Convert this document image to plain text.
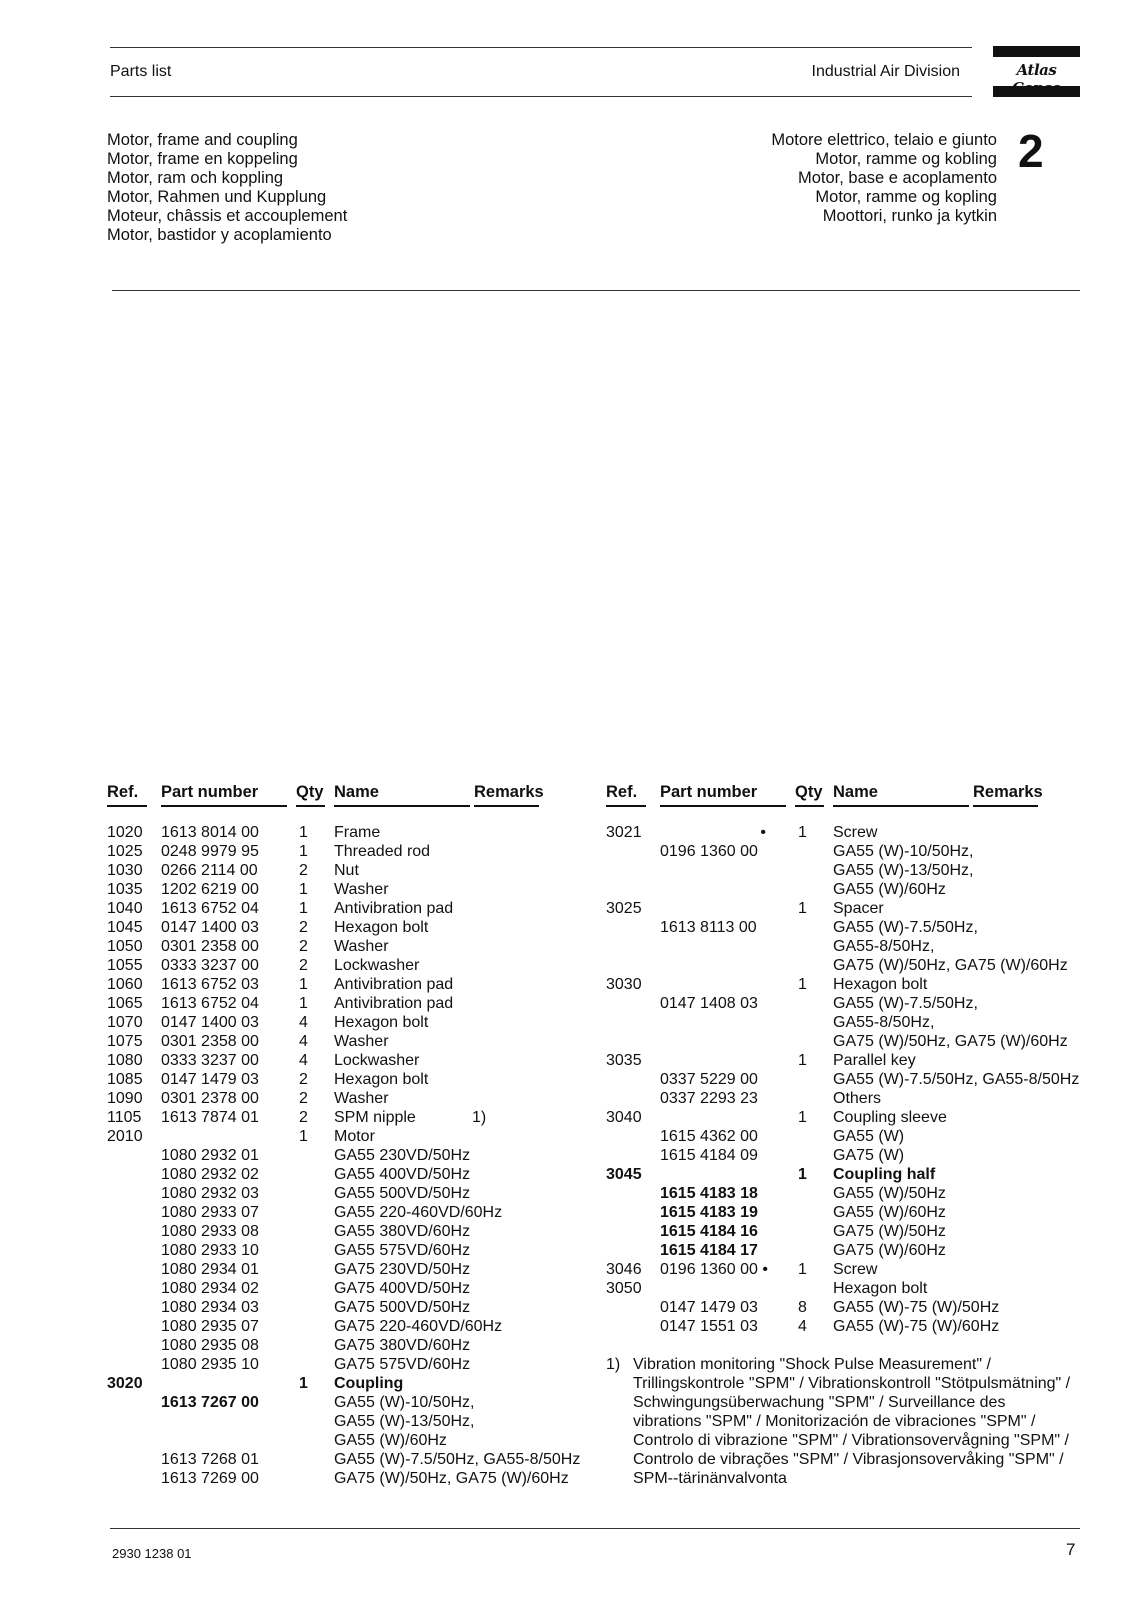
Parts list	Industrial Air Division	Atlas
Motor, frame and coupling
Motor, frame en koppeling
Motor, ram och koppling
Motor, Rahmen und Kupplung
Moteur, châssis et accouplement
Motor, bastidor y acoplamiento
Motore elettrico, telaio e giunto
Motor, ramme og kobling
Motor, base e acoplamento
Motor, ramme og kopling
Moottori, runko ja kytkin
2
Ref. Part number Qty Name	Remarks
1020 1613 8014 00	1 Frame
1025 0248 9979 95	1 Threaded rod
1030 0266 2114 00	2 Nut
1035 1202 6219 00	1 Washer
1040 1613 6752 04	1 Antivibration pad
1045 0147 1400 03	2 Hexagon bolt
1050 0301 2358 00	2 Washer
1055 0333 3237 00	2 Lockwasher
1060 1613 6752 03	1 Antivibration pad
1065 1613 6752 04	1 Antivibration pad
1070 0147 1400 03	4 Hexagon bolt
1075 0301 2358 00	4 Washer
1080 0333 3237 00	4 Lockwasher
1085 0147 1479 03	2 Hexagon bolt
1090 0301 2378 00	2 Washer
1105 1613 7874 01	2 SPM nipple	1)
2010	1 Motor
1080 2932 01	GA55 230VD/50Hz
1080 2932 02	GA55 400VD/50Hz
1080 2932 03	GA55 500VD/50Hz
1080 2933 07	GA55 220-460VD/60Hz
1080 2933 08	GA55 380VD/60Hz
1080 2933 10	GA55 575VD/60Hz
1080 2934 01	GA75 230VD/50Hz
1080 2934 02	GA75 400VD/50Hz
1080 2934 03	GA75 500VD/50Hz
1080 2935 07	GA75 220-460VD/60Hz
1080 2935 08	GA75 380VD/60Hz
1080 2935 10	GA75 575VD/60Hz
3020	1 Coupling
1613 7267 00	GA55 (W)-10/50Hz,
GA55 (W)-13/50Hz,
GA55 (W)/60Hz
1613 7268 01	GA55 (W)-7.5/50Hz, GA55-8/50Hz
1613 7269 00	GA75 (W)/50Hz, GA75 (W)/60Hz
Ref. Part number Qty Name	Remarks
3021	• 1 Screw
0196 1360 00	GA55 (W)-10/50Hz,
GA55 (W)-13/50Hz,
GA55 (W)/60Hz
3025	1 Spacer
1613 8113 00	GA55 (W)-7.5/50Hz,
GA55-8/50Hz,
GA75 (W)/50Hz, GA75 (W)/60Hz
3030	1 Hexagon bolt
0147 1408 03	GA55 (W)-7.5/50Hz,
GA55-8/50Hz,
GA75 (W)/50Hz, GA75 (W)/60Hz
3035	1 Parallel key
0337 5229 00	GA55 (W)-7.5/50Hz, GA55-8/50Hz
0337 2293 23	Others
3040	1 Coupling sleeve
1615 4362 00	GA55 (W)
1615 4184 09	GA75 (W)
3045	1 Coupling half
1615 4183 18	GA55 (W)/50Hz
1615 4183 19	GA55 (W)/60Hz
1615 4184 16	GA75 (W)/50Hz
1615 4184 17	GA75 (W)/60Hz
3046 0196 1360 00 • 1 Screw
3050	Hexagon bolt
0147 1479 03	8 GA55 (W)-75 (W)/50Hz
0147 1551 03	4 GA55 (W)-75 (W)/60Hz
1) Vibration monitoring "Shock Pulse Measurement" / Trillingskontrole "SPM" / Vibrationskontroll "Stötpulsmätning" / Schwingungsüberwachung "SPM" / Surveillance des vibrations "SPM" / Monitorización de vibraciones "SPM" / Controlo di vibrazione "SPM" / Vibrationsovervågning "SPM" / Controlo de vibrações "SPM" / Vibrasjonsovervåking "SPM" / SPM--tärinänvalvonta
2930 1238 01	7
